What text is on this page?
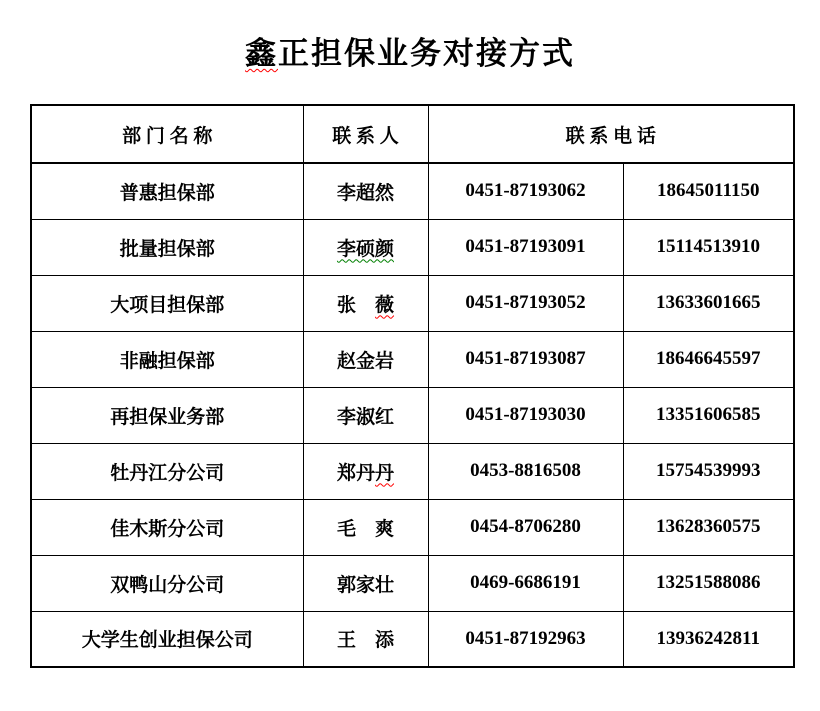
鑫正担保业务对接方式
部 门 名 称	联 系 人	联 系 电 话	
普惠担保部	李超然	0451-87193062	18645011150
批量担保部	李硕颜	0451-87193091	15114513910
大项目担保部	张　薇	0451-87193052	13633601665
非融担保部	赵金岩	0451-87193087	18646645597
再担保业务部	李淑红	0451-87193030	13351606585
牡丹江分公司	郑丹丹	0453-8816508	15754539993
佳木斯分公司	毛　爽	0454-8706280	13628360575
双鸭山分公司	郭家壮	0469-6686191	13251588086
大学生创业担保公司	王　添	0451-87192963	13936242811
